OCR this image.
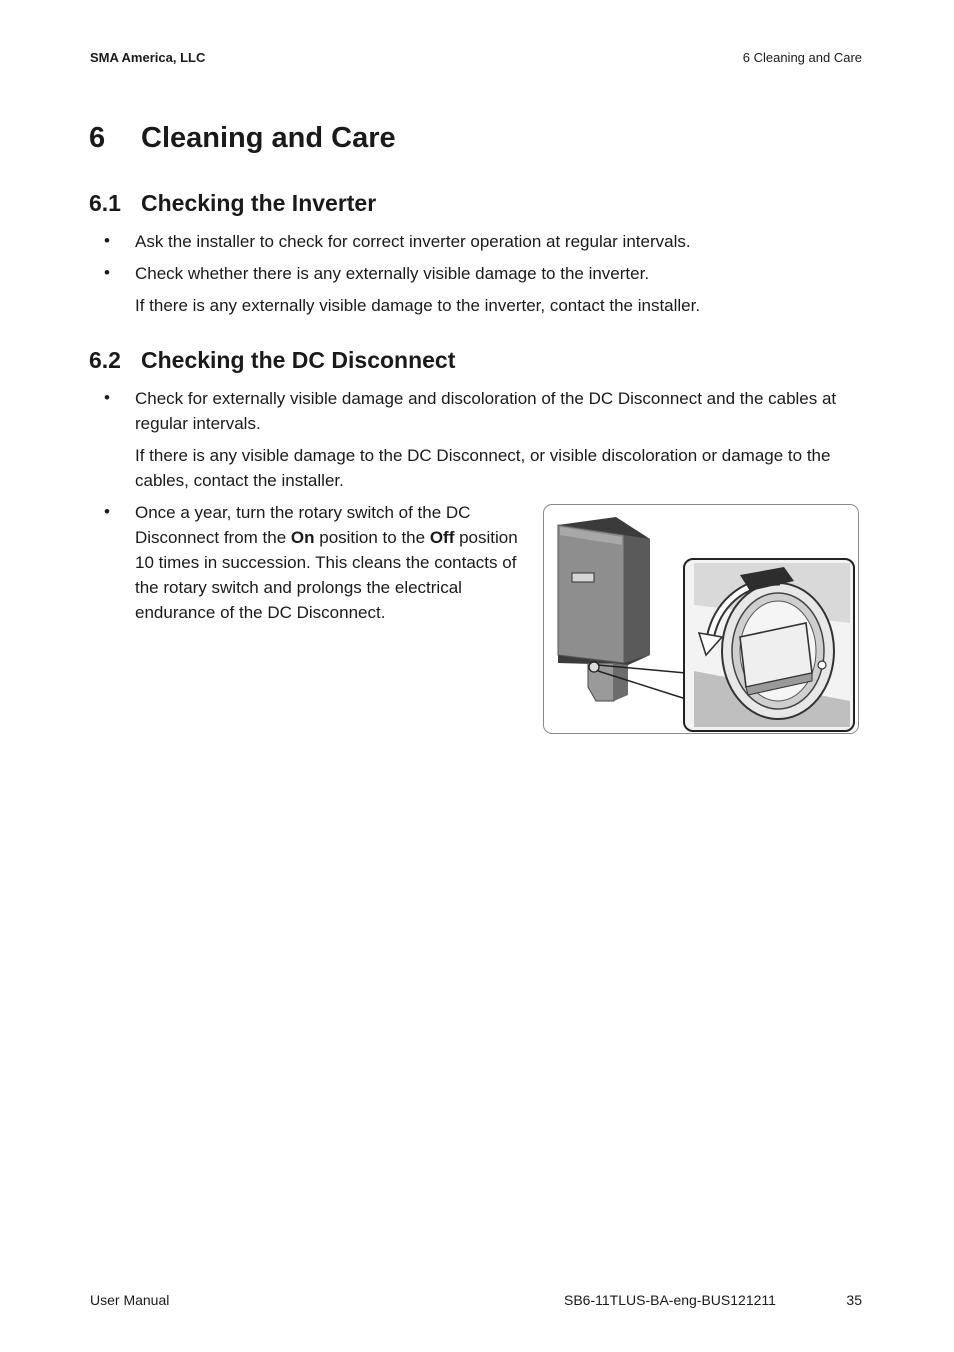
SMA America, LLC	6 Cleaning and Care
6 Cleaning and Care
6.1 Checking the Inverter
• Ask the installer to check for correct inverter operation at regular intervals.
• Check whether there is any externally visible damage to the inverter.
If there is any externally visible damage to the inverter, contact the installer.
6.2 Checking the DC Disconnect
• Check for externally visible damage and discoloration of the DC Disconnect and the cables at
regular intervals.
If there is any visible damage to the DC Disconnect, or visible discoloration or damage to the
cables, contact the installer.
• Once a year, turn the rotary switch of the DC
Disconnect from the On position to the Off position
10 times in succession. This cleans the contacts of
the rotary switch and prolongs the electrical
endurance of the DC Disconnect.
User Manual	SB6-11TLUS-BA-eng-BUS121211	35
